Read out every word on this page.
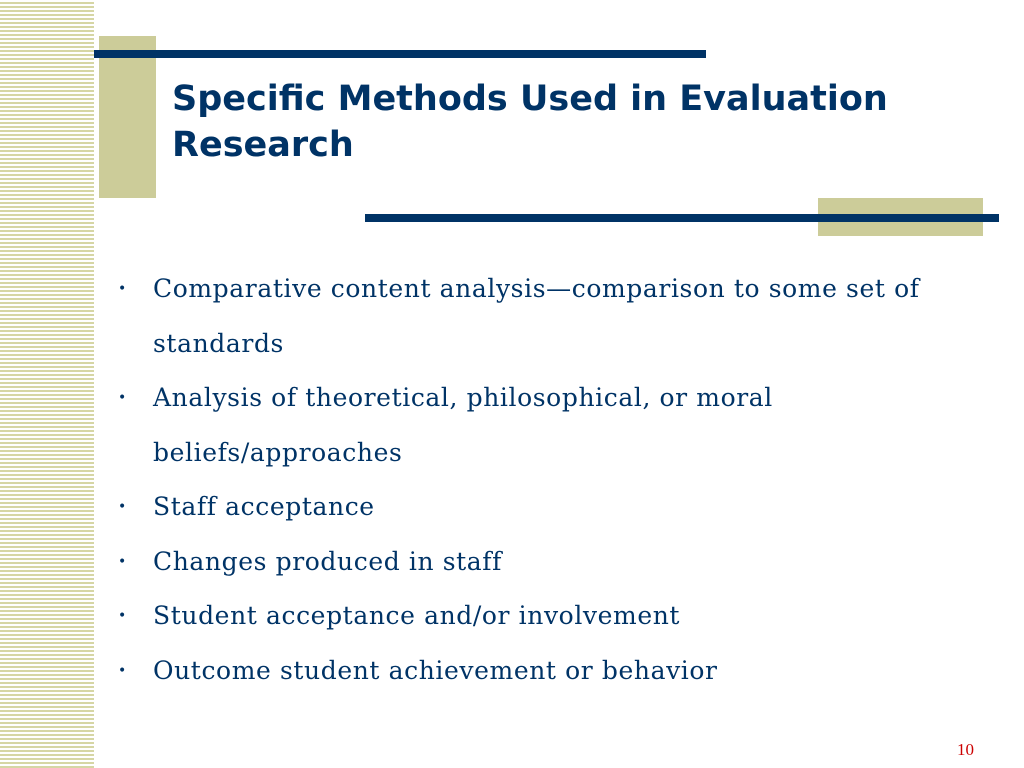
Specific Methods Used in Evaluation Research
• Comparative content analysis—comparison to some set of standards
• Analysis of theoretical, philosophical, or moral beliefs/approaches
• Staff acceptance
• Changes produced in staff
• Student acceptance and/or involvement
• Outcome student achievement or behavior
10
